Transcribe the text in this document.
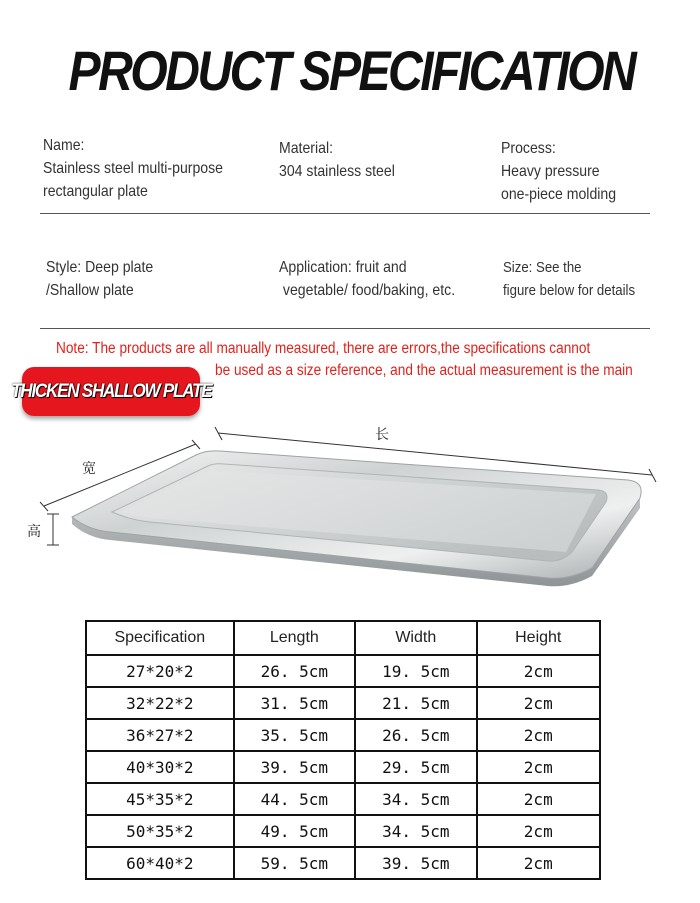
PRODUCT SPECIFICATION
Name:
Stainless steel multi-purpose
rectangular plate
Material:
304 stainless steel
Process:
Heavy pressure
one-piece molding
Style: Deep plate
/Shallow plate
Application: fruit and
vegetable/ food/baking, etc.
Size: See the
figure below for details
Note: The products are all manually measured, there are errors,the specifications cannot
be used as a size reference, and the actual measurement is the main
THICKEN SHALLOW PLATE
长
宽
高
Specification	Length	Width	Height
27*20*2	26. 5cm	19. 5cm	2cm
32*22*2	31. 5cm	21. 5cm	2cm
36*27*2	35. 5cm	26. 5cm	2cm
40*30*2	39. 5cm	29. 5cm	2cm
45*35*2	44. 5cm	34. 5cm	2cm
50*35*2	49. 5cm	34. 5cm	2cm
60*40*2	59. 5cm	39. 5cm	2cm
